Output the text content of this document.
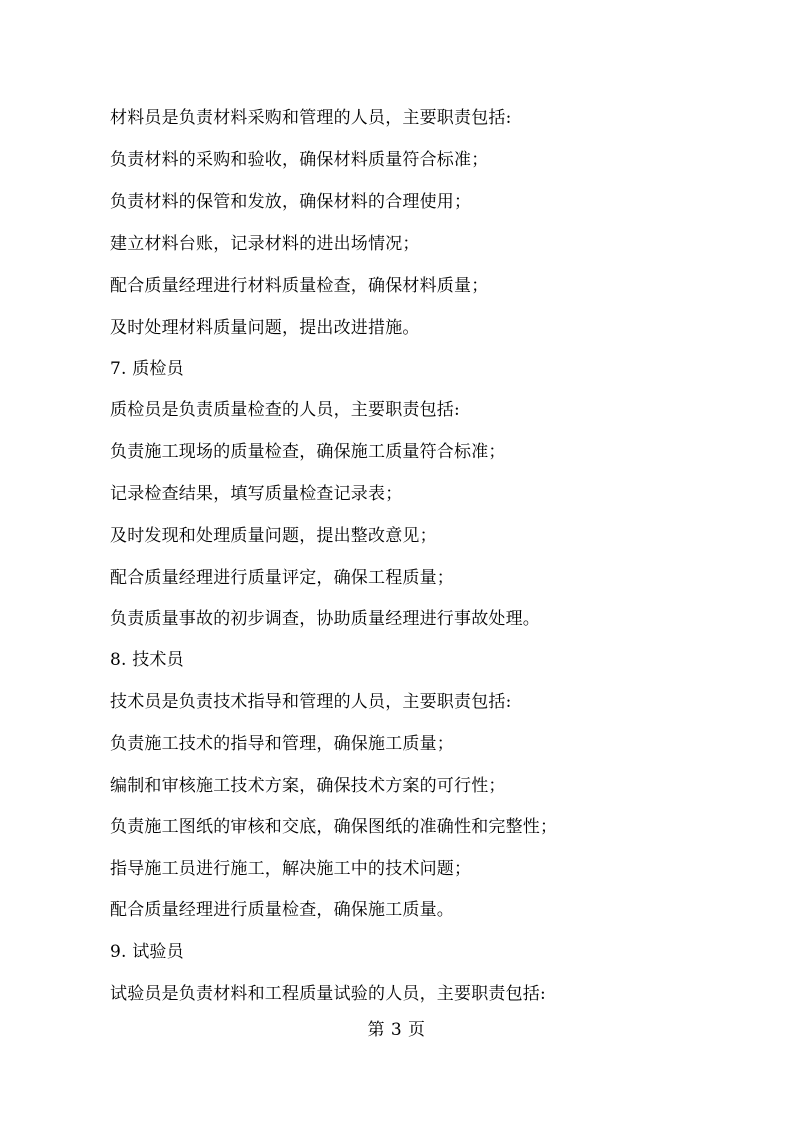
材料员是负责材料采购和管理的人员，主要职责包括:
负责材料的采购和验收，确保材料质量符合标准；
负责材料的保管和发放，确保材料的合理使用；
建立材料台账，记录材料的进出场情况；
配合质量经理进行材料质量检查，确保材料质量；
及时处理材料质量问题，提出改进措施。
7. 质检员
质检员是负责质量检查的人员，主要职责包括:
负责施工现场的质量检查，确保施工质量符合标准；
记录检查结果，填写质量检查记录表；
及时发现和处理质量问题，提出整改意见；
配合质量经理进行质量评定，确保工程质量；
负责质量事故的初步调查，协助质量经理进行事故处理。
8. 技术员
技术员是负责技术指导和管理的人员，主要职责包括:
负责施工技术的指导和管理，确保施工质量；
编制和审核施工技术方案，确保技术方案的可行性；
负责施工图纸的审核和交底，确保图纸的准确性和完整性；
指导施工员进行施工，解决施工中的技术问题；
配合质量经理进行质量检查，确保施工质量。
9. 试验员
试验员是负责材料和工程质量试验的人员，主要职责包括:
第 3 页
